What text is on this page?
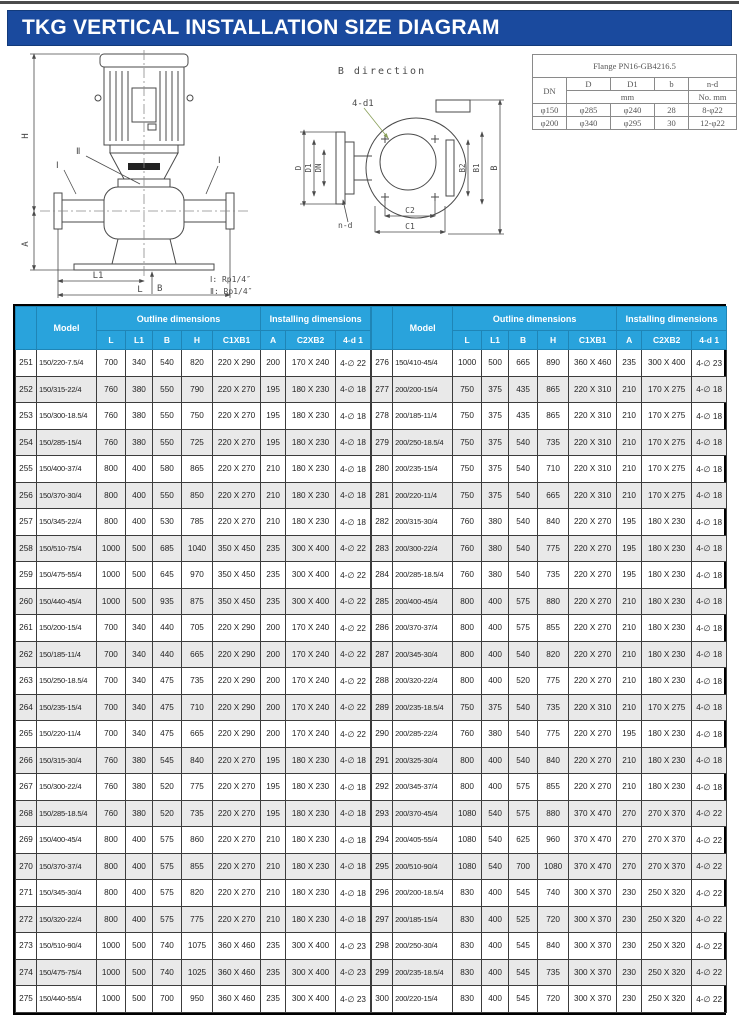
TKG VERTICAL INSTALLATION SIZE DIAGRAM
H
A
L1
L B
Ⅱ
Ⅰ	Ⅰ
Ⅰ: Rp1/4″
Ⅱ: Rp1/4″
B direction
4-d1
D D1 DN
n-d
C2
C1
B2 B1 B
Flange PN16-GB4216.5				
DN	D	D1	b	n-d
	mm			No. mm
φ150	φ285	φ240	28	8-φ22
φ200	φ340	φ295	30	12-φ22
	Model	Outline dimensions					Installing dimensions		
		L	L1	B	H	C1XB1	A	C2XB2	4-d 1
251	150/220-7.5/4	700	340	540	820	220 X 290	200	170 X 240	4-∅ 22
252	150/315-22/4	760	380	550	790	220 X 270	195	180 X 230	4-∅ 18
253	150/300-18.5/4	760	380	550	750	220 X 270	195	180 X 230	4-∅ 18
254	150/285-15/4	760	380	550	725	220 X 270	195	180 X 230	4-∅ 18
255	150/400-37/4	800	400	580	865	220 X 270	210	180 X 230	4-∅ 18
256	150/370-30/4	800	400	550	850	220 X 270	210	180 X 230	4-∅ 18
257	150/345-22/4	800	400	530	785	220 X 270	210	180 X 230	4-∅ 18
258	150/510-75/4	1000	500	685	1040	350 X 450	235	300 X 400	4-∅ 22
259	150/475-55/4	1000	500	645	970	350 X 450	235	300 X 400	4-∅ 22
260	150/440-45/4	1000	500	935	875	350 X 450	235	300 X 400	4-∅ 22
261	150/200-15/4	700	340	440	705	220 X 290	200	170 X 240	4-∅ 22
262	150/185-11/4	700	340	440	665	220 X 290	200	170 X 240	4-∅ 22
263	150/250-18.5/4	700	340	475	735	220 X 290	200	170 X 240	4-∅ 22
264	150/235-15/4	700	340	475	710	220 X 290	200	170 X 240	4-∅ 22
265	150/220-11/4	700	340	475	665	220 X 290	200	170 X 240	4-∅ 22
266	150/315-30/4	760	380	545	840	220 X 270	195	180 X 230	4-∅ 18
267	150/300-22/4	760	380	520	775	220 X 270	195	180 X 230	4-∅ 18
268	150/285-18.5/4	760	380	520	735	220 X 270	195	180 X 230	4-∅ 18
269	150/400-45/4	800	400	575	860	220 X 270	210	180 X 230	4-∅ 18
270	150/370-37/4	800	400	575	855	220 X 270	210	180 X 230	4-∅ 18
271	150/345-30/4	800	400	575	820	220 X 270	210	180 X 230	4-∅ 18
272	150/320-22/4	800	400	575	775	220 X 270	210	180 X 230	4-∅ 18
273	150/510-90/4	1000	500	740	1075	360 X 460	235	300 X 400	4-∅ 23
274	150/475-75/4	1000	500	740	1025	360 X 460	235	300 X 400	4-∅ 23
275	150/440-55/4	1000	500	700	950	360 X 460	235	300 X 400	4-∅ 23
	Model	Outline dimensions					Installing dimensions		
		L	L1	B	H	C1XB1	A	C2XB2	4-d 1
276	150/410-45/4	1000	500	665	890	360 X 460	235	300 X 400	4-∅ 23
277	200/200-15/4	750	375	435	865	220 X 310	210	170 X 275	4-∅ 18
278	200/185-11/4	750	375	435	865	220 X 310	210	170 X 275	4-∅ 18
279	200/250-18.5/4	750	375	540	735	220 X 310	210	170 X 275	4-∅ 18
280	200/235-15/4	750	375	540	710	220 X 310	210	170 X 275	4-∅ 18
281	200/220-11/4	750	375	540	665	220 X 310	210	170 X 275	4-∅ 18
282	200/315-30/4	760	380	540	840	220 X 270	195	180 X 230	4-∅ 18
283	200/300-22/4	760	380	540	775	220 X 270	195	180 X 230	4-∅ 18
284	200/285-18.5/4	760	380	540	735	220 X 270	195	180 X 230	4-∅ 18
285	200/400-45/4	800	400	575	880	220 X 270	210	180 X 230	4-∅ 18
286	200/370-37/4	800	400	575	855	220 X 270	210	180 X 230	4-∅ 18
287	200/345-30/4	800	400	540	820	220 X 270	210	180 X 230	4-∅ 18
288	200/320-22/4	800	400	520	775	220 X 270	210	180 X 230	4-∅ 18
289	200/235-18.5/4	750	375	540	735	220 X 310	210	170 X 275	4-∅ 18
290	200/285-22/4	760	380	540	775	220 X 270	195	180 X 230	4-∅ 18
291	200/325-30/4	800	400	540	840	220 X 270	210	180 X 230	4-∅ 18
292	200/345-37/4	800	400	575	855	220 X 270	210	180 X 230	4-∅ 18
293	200/370-45/4	1080	540	575	880	370 X 470	270	270 X 370	4-∅ 22
294	200/405-55/4	1080	540	625	960	370 X 470	270	270 X 370	4-∅ 22
295	200/510-90/4	1080	540	700	1080	370 X 470	270	270 X 370	4-∅ 22
296	200/200-18.5/4	830	400	545	740	300 X 370	230	250 X 320	4-∅ 22
297	200/185-15/4	830	400	525	720	300 X 370	230	250 X 320	4-∅ 22
298	200/250-30/4	830	400	545	840	300 X 370	230	250 X 320	4-∅ 22
299	200/235-18.5/4	830	400	545	735	300 X 370	230	250 X 320	4-∅ 22
300	200/220-15/4	830	400	545	720	300 X 370	230	250 X 320	4-∅ 22
